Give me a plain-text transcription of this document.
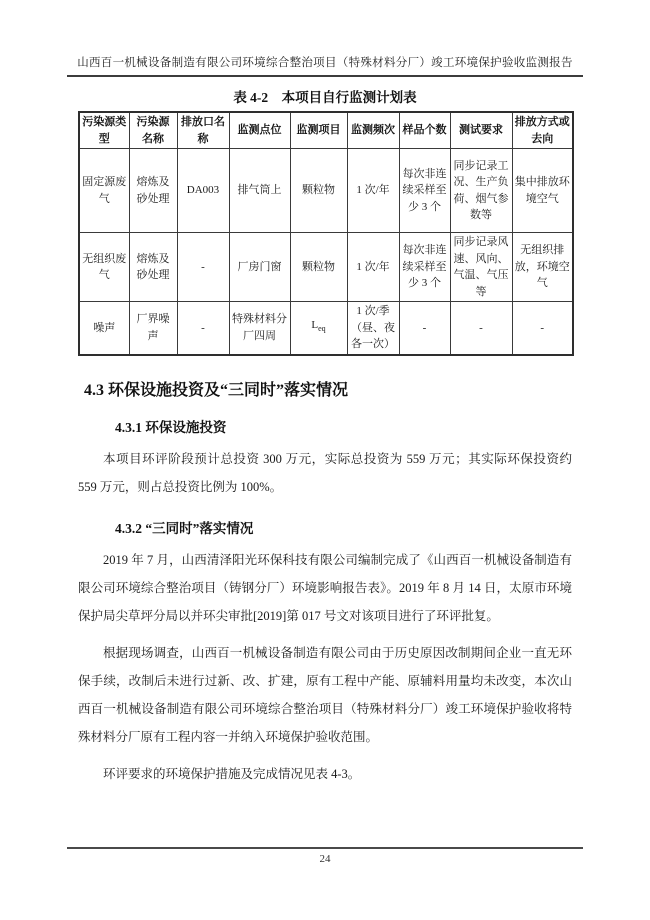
山西百一机械设备制造有限公司环境综合整治项目（特殊材料分厂）竣工环境保护验收监测报告
表 4-2　本项目自行监测计划表
污染源类型	污染源名称	排放口名称	监测点位	监测项目	监测频次	样品个数	测试要求	排放方式或去向
固定源废气	熔炼及砂处理	DA003	排气筒上	颗粒物	1 次/年	每次非连续采样至少 3 个	同步记录工况、生产负荷、烟气参数等	集中排放环境空气
无组织废气	熔炼及砂处理	-	厂房门窗	颗粒物	1 次/年	每次非连续采样至少 3 个	同步记录风速、风向、气温、气压等	无组织排放，环境空气
噪声	厂界噪声	-	特殊材料分厂四周	$L_{eq}$	1 次/季（昼、夜各一次）	-	-	-
4.3 环保设施投资及“三同时”落实情况
4.3.1 环保设施投资

本项目环评阶段预计总投资 300 万元，实际总投资为 559 万元；其实际环保投资约 559 万元，则占总投资比例为 100%。

4.3.2 “三同时”落实情况

2019 年 7 月，山西清泽阳光环保科技有限公司编制完成了《山西百一机械设备制造有限公司环境综合整治项目（铸钢分厂）环境影响报告表》。2019 年 8 月 14 日，太原市环境保护局尖草坪分局以并环尖审批[2019]第 017 号文对该项目进行了环评批复。

根据现场调查，山西百一机械设备制造有限公司由于历史原因改制期间企业一直无环保手续，改制后未进行过新、改、扩建，原有工程中产能、原辅料用量均未改变，本次山西百一机械设备制造有限公司环境综合整治项目（特殊材料分厂）竣工环境保护验收将特殊材料分厂原有工程内容一并纳入环境保护验收范围。

环评要求的环境保护措施及完成情况见表 4-3。

24
